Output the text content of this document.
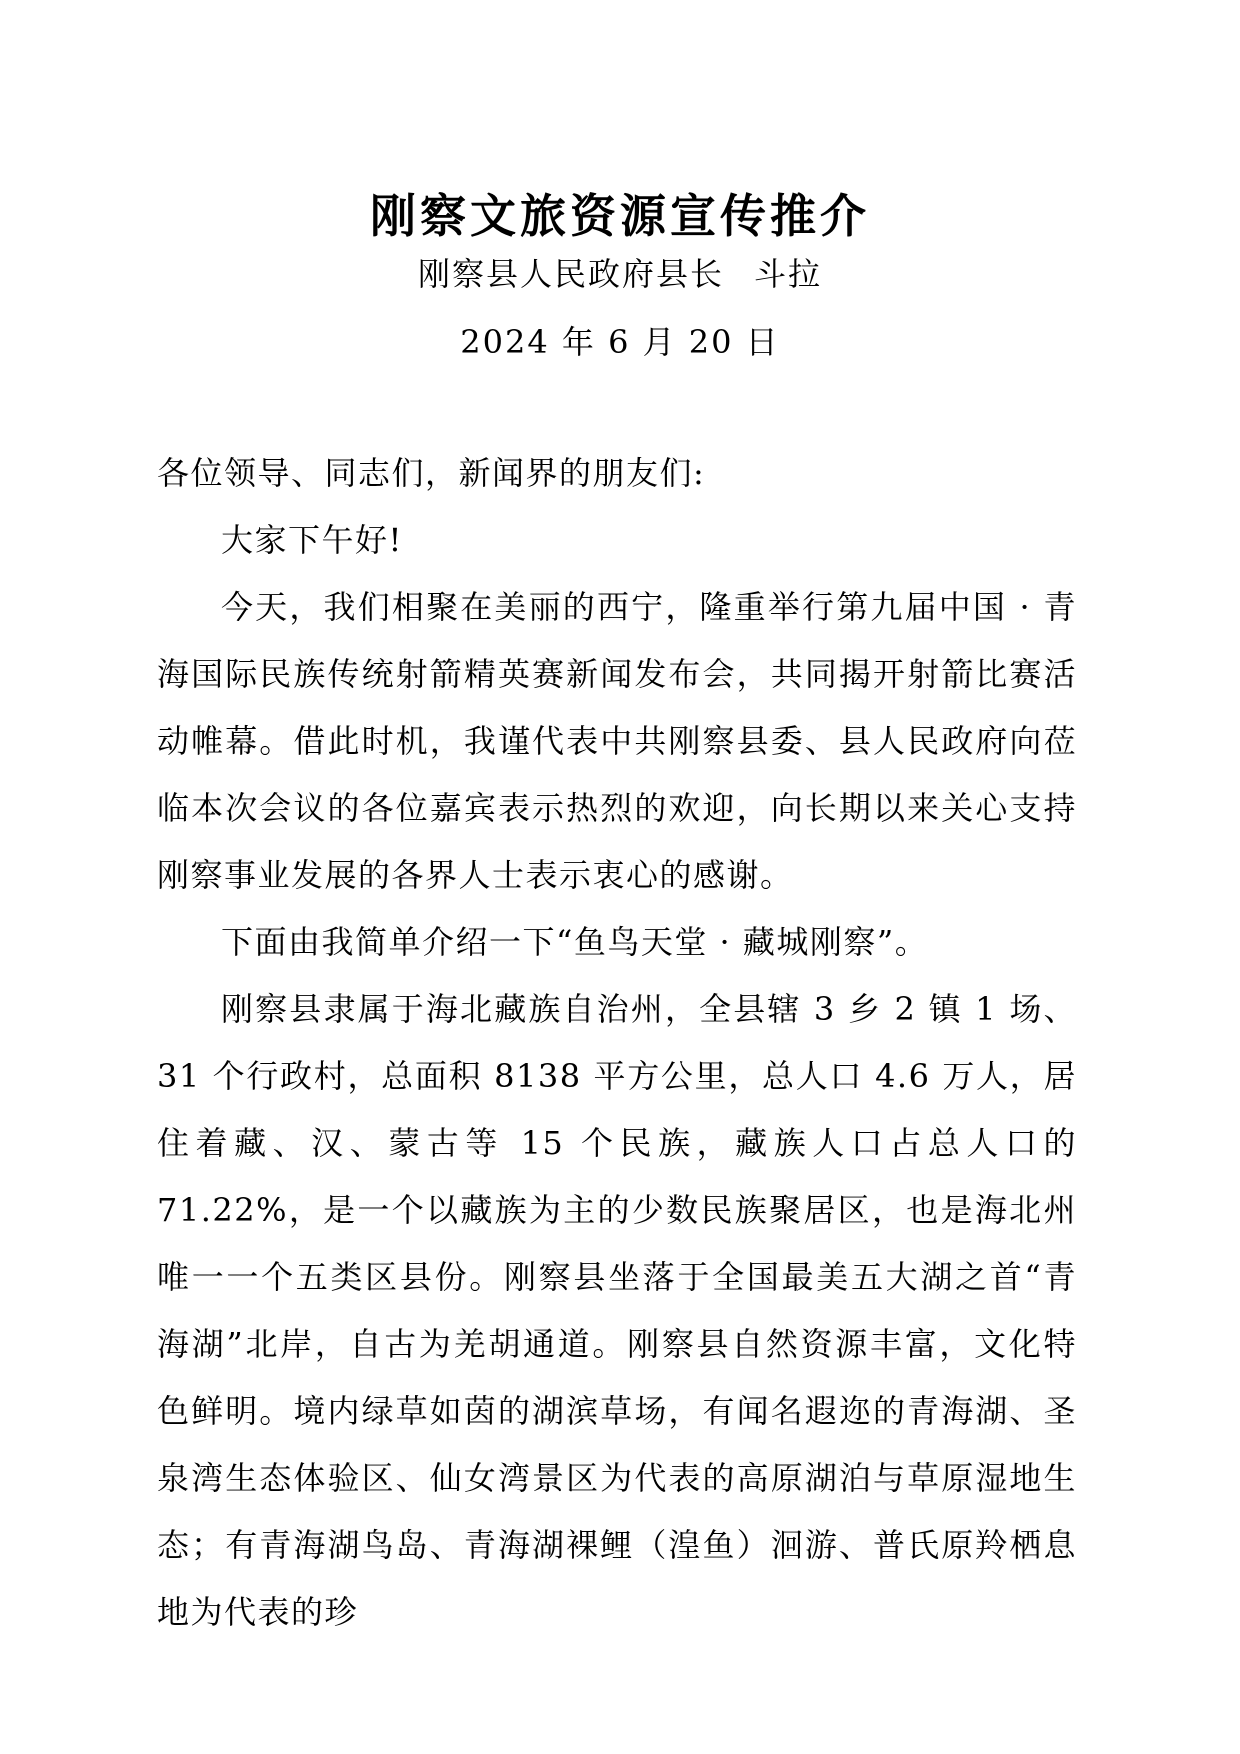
刚察文旅资源宣传推介
刚察县人民政府县长 斗拉
2024 年 6 月 20 日

各位领导、同志们，新闻界的朋友们:

大家下午好!

今天，我们相聚在美丽的西宁，隆重举行第九届中国 · 青海国际民族传统射箭精英赛新闻发布会，共同揭开射箭比赛活动帷幕。借此时机，我谨代表中共刚察县委、县人民政府向莅临本次会议的各位嘉宾表示热烈的欢迎，向长期以来关心支持刚察事业发展的各界人士表示衷心的感谢。

下面由我简单介绍一下“鱼鸟天堂 · 藏城刚察”。

刚察县隶属于海北藏族自治州，全县辖 3 乡 2 镇 1 场、31 个行政村，总面积 8138 平方公里，总人口 4.6 万人，居住着藏、汉、蒙古等 15 个民族，藏族人口占总人口的 71.22%，是一个以藏族为主的少数民族聚居区，也是海北州唯一一个五类区县份。刚察县坐落于全国最美五大湖之首“青海湖”北岸，自古为羌胡通道。刚察县自然资源丰富，文化特色鲜明。境内绿草如茵的湖滨草场，有闻名遐迩的青海湖、圣泉湾生态体验区、仙女湾景区为代表的高原湖泊与草原湿地生态；有青海湖鸟岛、青海湖裸鲤（湟鱼）洄游、普氏原羚栖息地为代表的珍
